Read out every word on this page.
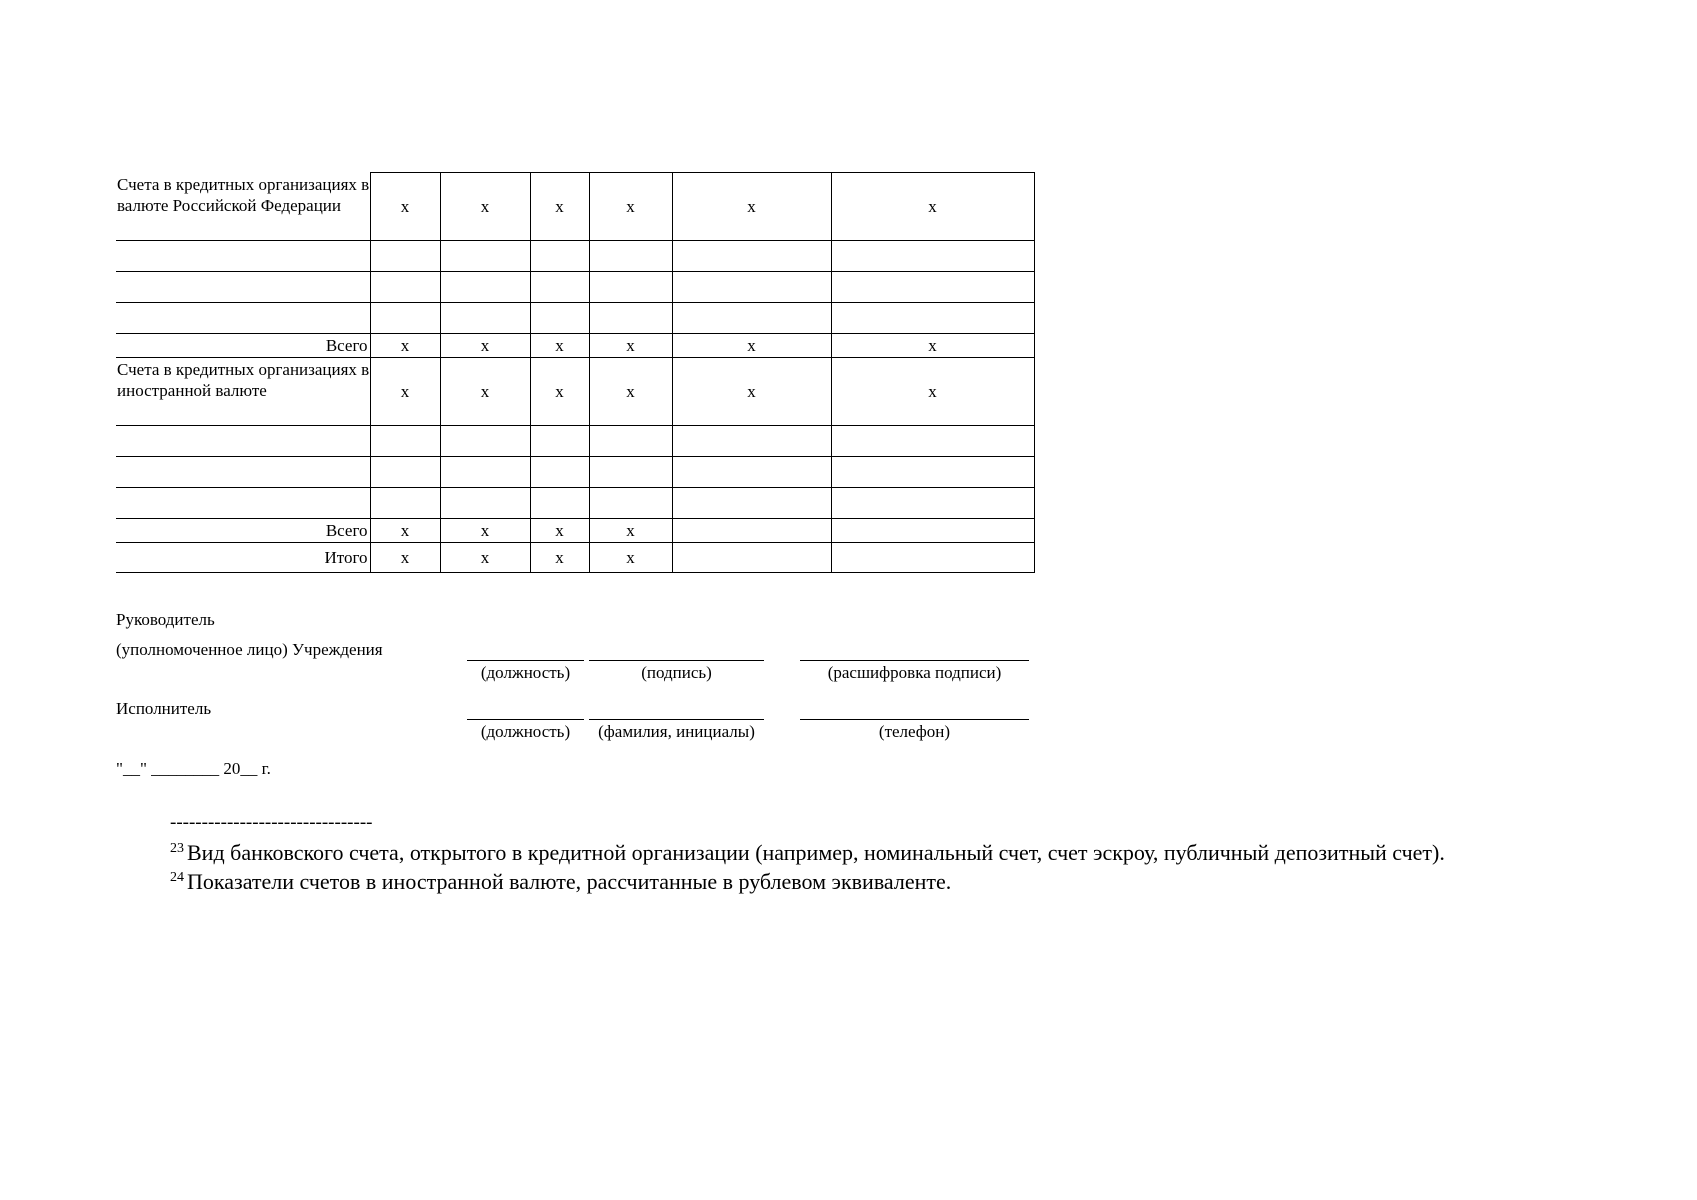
Счета в кредитных организациях в валюте Российской Федерации	x	x	x	x	x	x

Всего	x	x	x	x	x	x
Счета в кредитных организациях в иностранной валюте	x	x	x	x	x	x

Всего	x	x	x	x		
Итого	x	x	x	x		
Руководитель
(уполномоченное лицо) Учреждения
(должность)	(подпись)	(расшифровка подписи)
Исполнитель
(должность)	(фамилия, инициалы)	(телефон)
"__" ________ 20__ г.
--------------------------------
$^{23}$ Вид банковского счета, открытого в кредитной организации (например, номинальный счет, счет эскроу, публичный депозитный счет).
$^{24}$ Показатели счетов в иностранной валюте, рассчитанные в рублевом эквиваленте.
